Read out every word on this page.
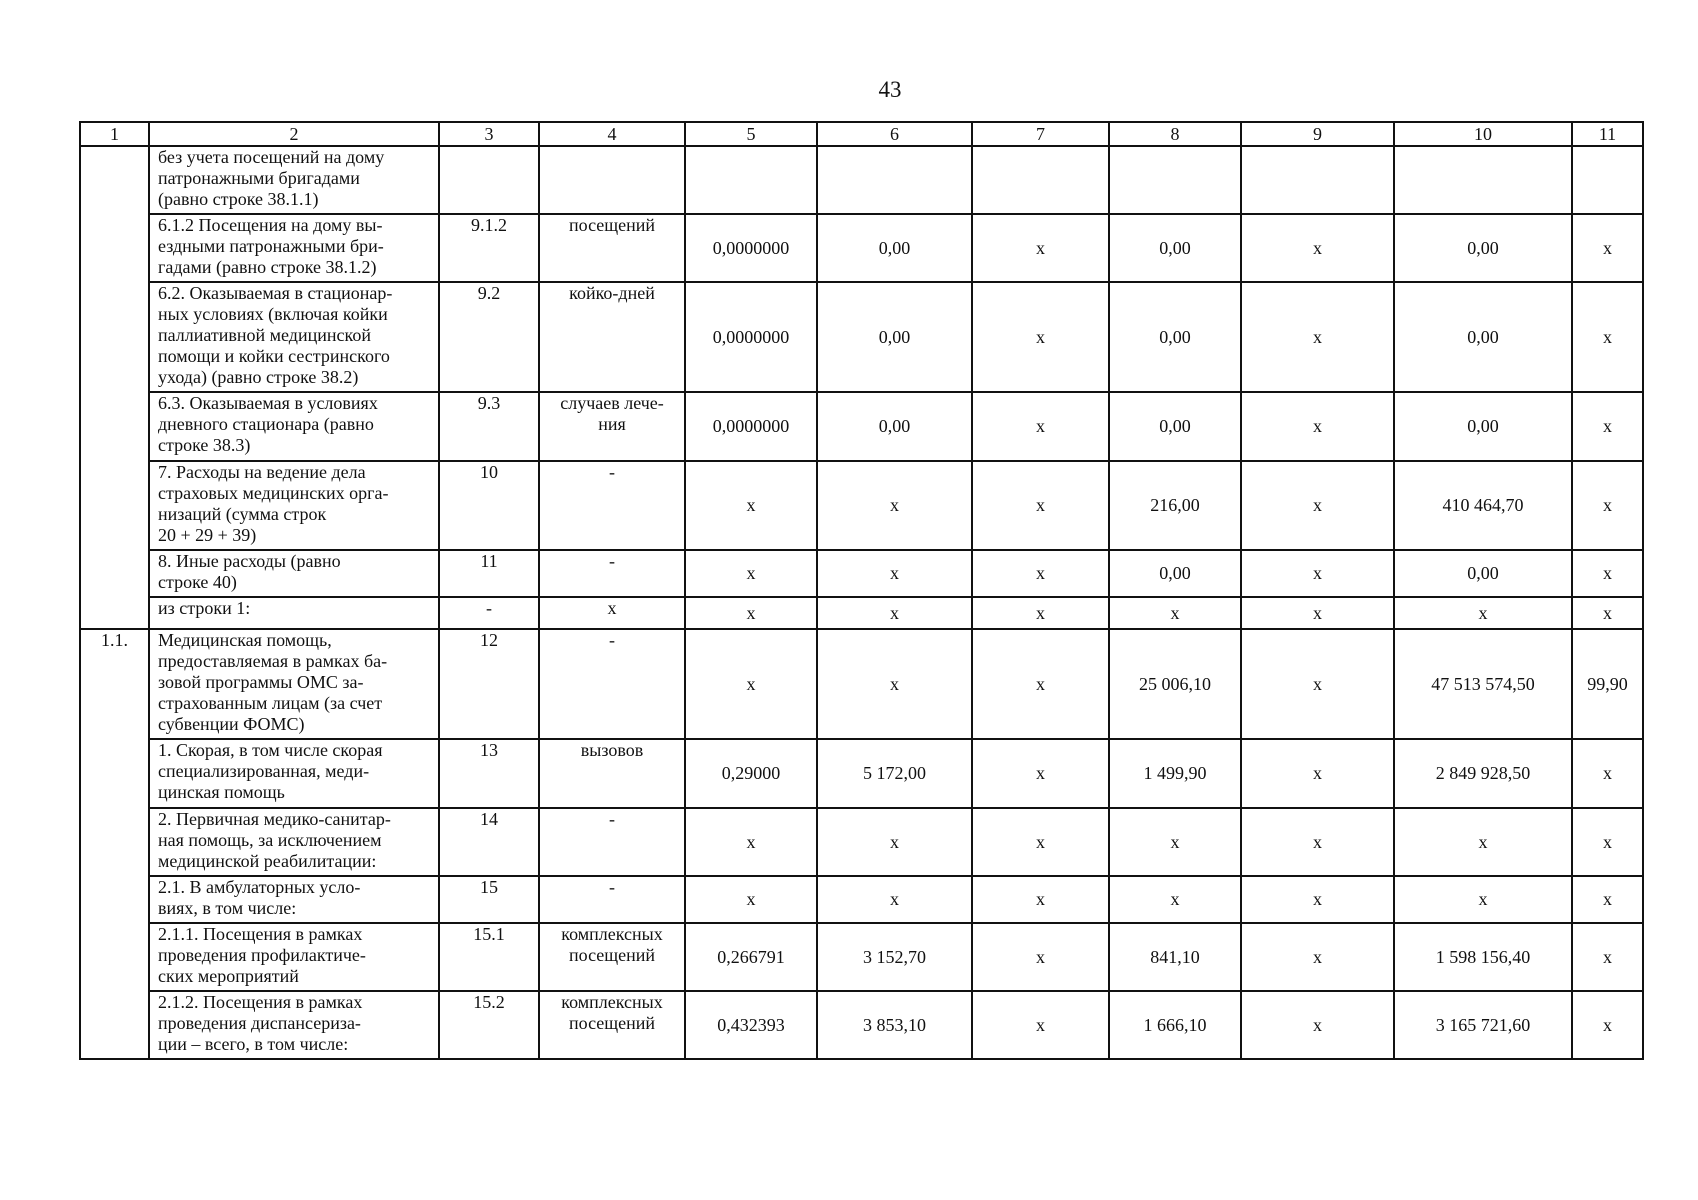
43
1	2	3	4	5	6	7	8	9	10	11
	без учета посещений на дому
патронажными бригадами
(равно строке 38.1.1)									
	6.1.2 Посещения на дому вы-
ездными патронажными бри-
гадами (равно строке 38.1.2)	9.1.2	посещений	0,0000000	0,00	х	0,00	х	0,00	х
	6.2. Оказываемая в стационар-
ных условиях (включая койки
паллиативной медицинской
помощи и койки сестринского
ухода) (равно строке 38.2)	9.2	койко-дней	0,0000000	0,00	х	0,00	х	0,00	х
	6.3. Оказываемая в условиях
дневного стационара (равно
строке 38.3)	9.3	случаев лече-
ния	0,0000000	0,00	х	0,00	х	0,00	х
	7. Расходы на ведение дела
страховых медицинских орга-
низаций (сумма строк
20 + 29 + 39)	10	-	х	х	х	216,00	х	410 464,70	х
	8. Иные расходы (равно
строке 40)	11	-	х	х	х	0,00	х	0,00	х
	из строки 1:	-	х	х	х	х	х	х	х	х
1.1.	Медицинская помощь,
предоставляемая в рамках ба-
зовой программы ОМС за-
страхованным лицам (за счет
субвенции ФОМС)	12	-	х	х	х	25 006,10	х	47 513 574,50	99,90
	1. Скорая, в том числе скорая
специализированная, меди-
цинская помощь	13	вызовов	0,29000	5 172,00	х	1 499,90	х	2 849 928,50	х
	2. Первичная медико-санитар-
ная помощь, за исключением
медицинской реабилитации:	14	-	х	х	х	х	х	х	х
	2.1. В амбулаторных усло-
виях, в том числе:	15	-	х	х	х	х	х	х	х
	2.1.1. Посещения в рамках
проведения профилактиче-
ских мероприятий	15.1	комплексных
посещений	0,266791	3 152,70	х	841,10	х	1 598 156,40	х
	2.1.2. Посещения в рамках
проведения диспансериза-
ции – всего, в том числе:	15.2	комплексных
посещений	0,432393	3 853,10	х	1 666,10	х	3 165 721,60	х
